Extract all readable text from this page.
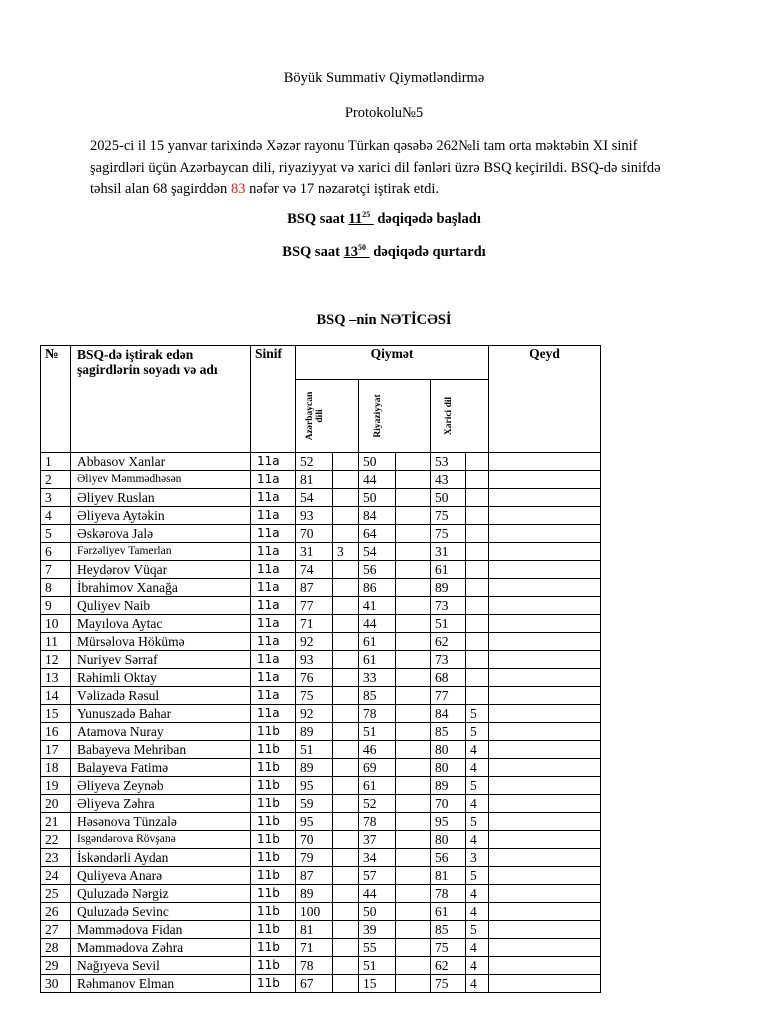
Böyük Summativ Qiymətləndirmə
Protokolu№5
2025-ci il 15 yanvar tarixində Xəzər rayonu Türkan qəsəbə 262№li tam orta məktəbin XI sinif şagirdləri üçün Azərbaycan dili, riyaziyyat və xarici dil fənləri üzrə BSQ keçirildi. BSQ-də sinifdə təhsil alan 68 şagirddən 83 nəfər və 17 nəzarətçi iştirak etdi.
BSQ saat $11^{25}$ dəqiqədə başladı
BSQ saat $13^{50}$ dəqiqədə qurtardı
BSQ –nin NƏTİCƏSİ
№	BSQ-də iştirak edən şagirdlərin soyadı və adı	Sinif	Qiymət						Qeyd

			Azərbaycan dili		Riyaziyyat		Xarici dil		

1	Abbasov Xanlar	11a	52		50		53		
2	Əliyev Məmmədhəsən	11a	81		44		43		
3	Əliyev Ruslan	11a	54		50		50		
4	Əliyeva Aytəkin	11a	93		84		75		
5	Əskərova Jalə	11a	70		64		75		
6	Fərzəliyev Tamerlan	11a	31	3	54		31		
7	Heydərov Vüqar	11a	74		56		61		
8	İbrahimov Xanağa	11a	87		86		89		
9	Quliyev Naib	11a	77		41		73		
10	Mayılova Aytac	11a	71		44		51		
11	Mürsəlova Hökümə	11a	92		61		62		
12	Nuriyev Sərraf	11a	93		61		73		
13	Rəhimli Oktay	11a	76		33		68		
14	Vəlizadə Rəsul	11a	75		85		77		
15	Yunuszadə Bahar	11a	92		78		84	5	
16	Atamova Nuray	11b	89		51		85	5	
17	Babayeva Mehriban	11b	51		46		80	4	
18	Balayeva Fatimə	11b	89		69		80	4	
19	Əliyeva Zeynəb	11b	95		61		89	5	
20	Əliyeva Zəhra	11b	59		52		70	4	
21	Həsənova Tünzalə	11b	95		78		95	5	
22	Isgəndərova Rövşanə	11b	70		37		80	4	
23	İskəndərli Aydan	11b	79		34		56	3	
24	Quliyeva Anarə	11b	87		57		81	5	
25	Quluzadə Nərgiz	11b	89		44		78	4	
26	Quluzadə Sevinc	11b	100		50		61	4	
27	Məmmədova Fidan	11b	81		39		85	5	
28	Məmmədova Zəhra	11b	71		55		75	4	
29	Nağıyeva Sevil	11b	78		51		62	4	
30	Rəhmanov Elman	11b	67		15		75	4	
